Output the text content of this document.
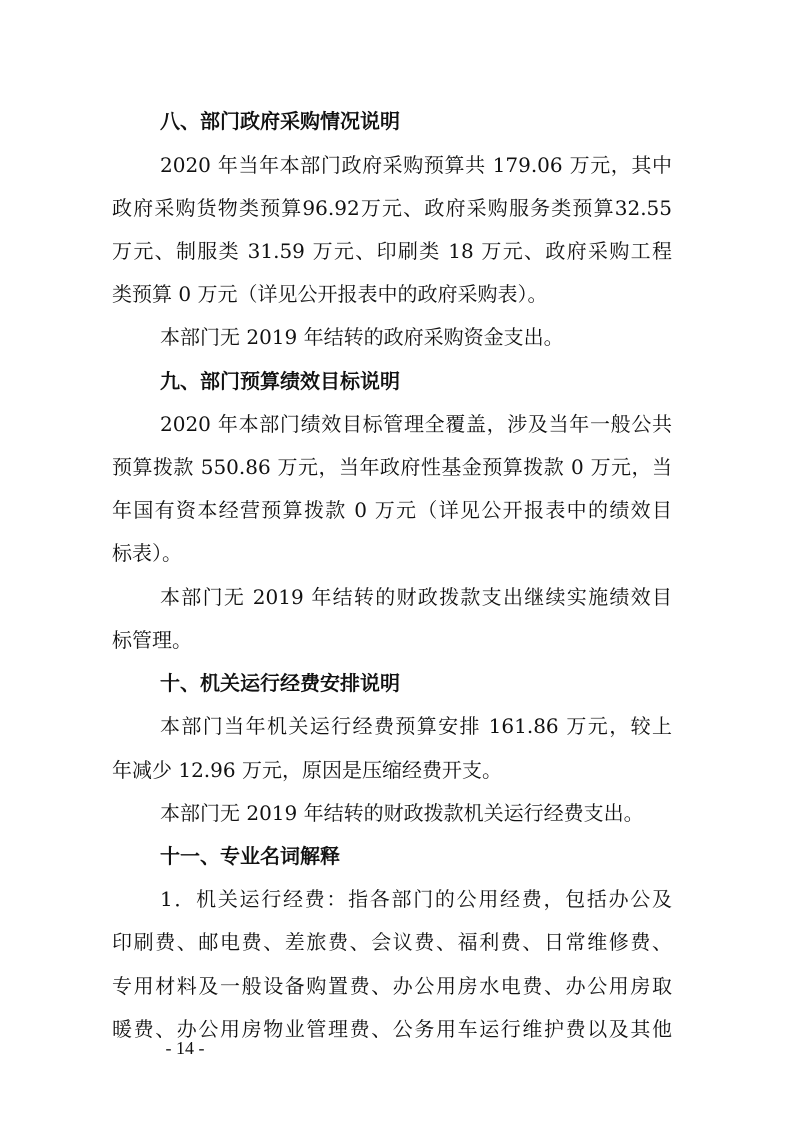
八、部门政府采购情况说明
2020 年当年本部门政府采购预算共 179.06 万元，其中
政府采购货物类预算96.92万元、政府采购服务类预算32.55
万元、制服类 31.59 万元、印刷类 18 万元、政府采购工程
类预算 0 万元（详见公开报表中的政府采购表）。
本部门无 2019 年结转的政府采购资金支出。
九、部门预算绩效目标说明
2020 年本部门绩效目标管理全覆盖，涉及当年一般公共
预算拨款 550.86 万元，当年政府性基金预算拨款 0 万元，当
年国有资本经营预算拨款 0 万元（详见公开报表中的绩效目
标表）。
本部门无 2019 年结转的财政拨款支出继续实施绩效目
标管理。
十、机关运行经费安排说明
本部门当年机关运行经费预算安排 161.86 万元，较上
年减少 12.96 万元，原因是压缩经费开支。
本部门无 2019 年结转的财政拨款机关运行经费支出。
十一、专业名词解释
1．机关运行经费：指各部门的公用经费，包括办公及
印刷费、邮电费、差旅费、会议费、福利费、日常维修费、
专用材料及一般设备购置费、办公用房水电费、办公用房取
暖费、办公用房物业管理费、公务用车运行维护费以及其他
- 14 -
